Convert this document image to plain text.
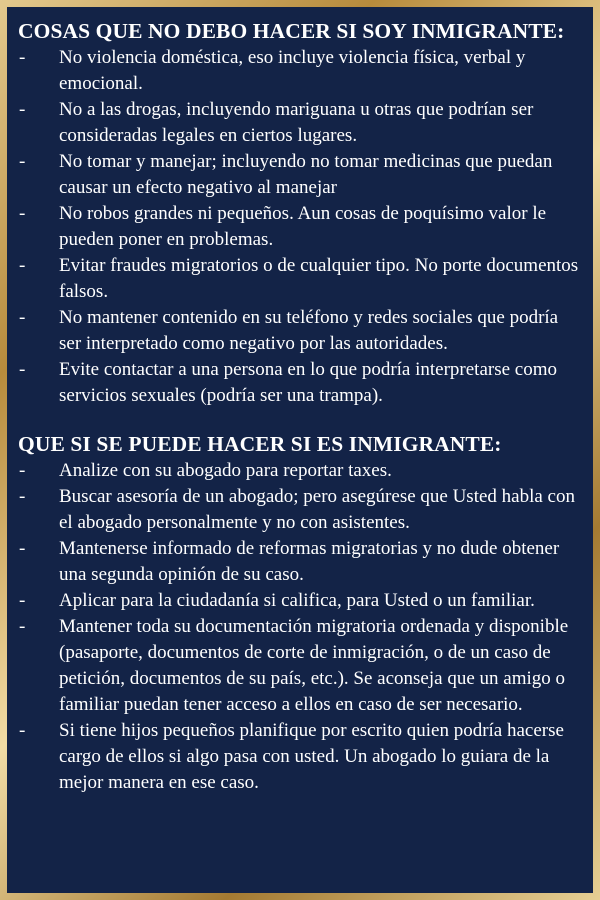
COSAS QUE NO DEBO HACER SI SOY INMIGRANTE:
-	No violencia doméstica, eso incluye violencia física, verbal y emocional.
-	No a las drogas, incluyendo mariguana u otras que podrían ser consideradas legales en ciertos lugares.
-	No tomar y manejar; incluyendo no tomar medicinas que puedan causar un efecto negativo al manejar
-	No robos grandes ni pequeños. Aun cosas de poquísimo valor le pueden poner en problemas.
-	Evitar fraudes migratorios o de cualquier tipo. No porte documentos falsos.
-	No mantener contenido en su teléfono y redes sociales que podría ser interpretado como negativo por las autoridades.
-	Evite contactar a una persona en lo que podría interpretarse como servicios sexuales (podría ser una trampa).
QUE SI SE PUEDE HACER SI ES INMIGRANTE:
-	Analize con su abogado para reportar taxes.
-	Buscar asesoría de un abogado; pero asegúrese que Usted habla con el abogado personalmente y no con asistentes.
-	Mantenerse informado de reformas migratorias y no dude obtener una segunda opinión de su caso.
-	Aplicar para la ciudadanía si califica, para Usted o un familiar.
-	Mantener toda su documentación migratoria ordenada y disponible (pasaporte, documentos de corte de inmigración, o de un caso de petición, documentos de su país, etc.). Se aconseja que un amigo o familiar puedan tener acceso a ellos en caso de ser necesario.
-	Si tiene hijos pequeños planifique por escrito quien podría hacerse cargo de ellos si algo pasa con usted. Un abogado lo guiara de la mejor manera en ese caso.
